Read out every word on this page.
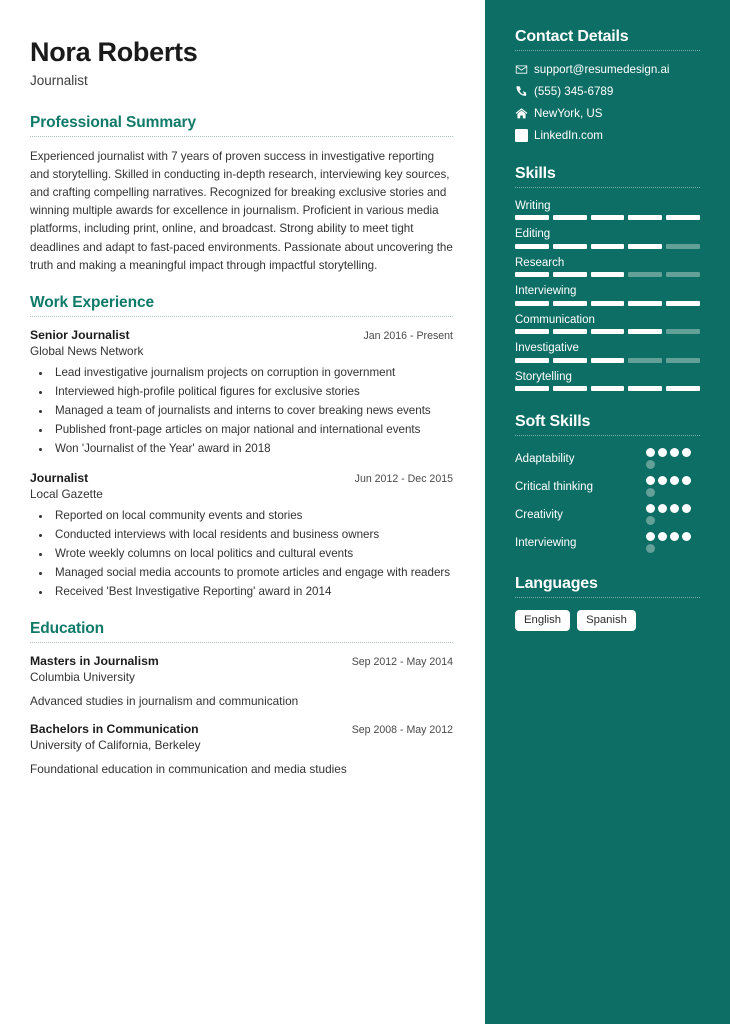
Nora Roberts
Journalist
Professional Summary

Experienced journalist with 7 years of proven success in investigative reporting and storytelling. Skilled in conducting in-depth research, interviewing key sources, and crafting compelling narratives. Recognized for breaking exclusive stories and winning multiple awards for excellence in journalism. Proficient in various media platforms, including print, online, and broadcast. Strong ability to meet tight deadlines and adapt to fast-paced environments. Passionate about uncovering the truth and making a meaningful impact through impactful storytelling.

Work Experience
Senior Journalist	Jan 2016 - Present
Global News Network
• Lead investigative journalism projects on corruption in government
• Interviewed high-profile political figures for exclusive stories
• Managed a team of journalists and interns to cover breaking news events
• Published front-page articles on major national and international events
• Won 'Journalist of the Year' award in 2018
Journalist	Jun 2012 - Dec 2015
Local Gazette
• Reported on local community events and stories
• Conducted interviews with local residents and business owners
• Wrote weekly columns on local politics and cultural events
• Managed social media accounts to promote articles and engage with readers
• Received 'Best Investigative Reporting' award in 2014
Education
Masters in Journalism	Sep 2012 - May 2014
Columbia University
Advanced studies in journalism and communication
Bachelors in Communication	Sep 2008 - May 2012
University of California, Berkeley
Foundational education in communication and media studies
Contact Details
support@resumedesign.ai
(555) 345-6789
NewYork, US
LinkedIn.com
Skills
Writing
Editing
Research
Interviewing
Communication
Investigative
Storytelling
Soft Skills
Adaptability
Critical thinking
Creativity
Interviewing
Languages
English	Spanish
